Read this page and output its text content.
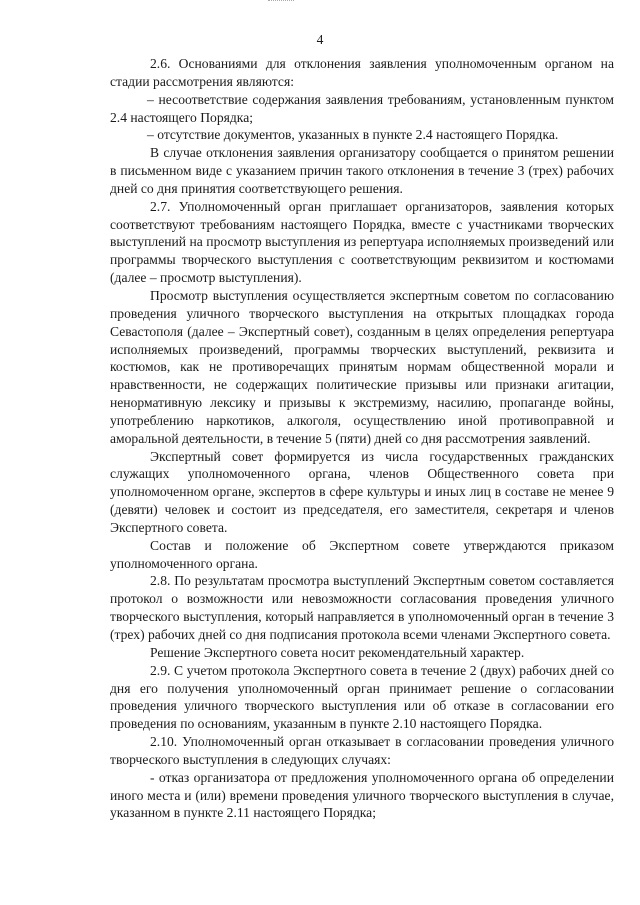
4

2.6. Основаниями для отклонения заявления уполномоченным органом на стадии рассмотрения являются:

– несоответствие содержания заявления требованиям, установленным пунктом 2.4 настоящего Порядка;

– отсутствие документов, указанных в пункте 2.4 настоящего Порядка.

В случае отклонения заявления организатору сообщается о принятом решении в письменном виде с указанием причин такого отклонения в течение 3 (трех) рабочих дней со дня принятия соответствующего решения.

2.7. Уполномоченный орган приглашает организаторов, заявления которых соответствуют требованиям настоящего Порядка, вместе с участниками творческих выступлений на просмотр выступления из репертуара исполняемых произведений или программы творческого выступления с соответствующим реквизитом и костюмами (далее – просмотр выступления).

Просмотр выступления осуществляется экспертным советом по согласованию проведения уличного творческого выступления на открытых площадках города Севастополя (далее – Экспертный совет), созданным в целях определения репертуара исполняемых произведений, программы творческих выступлений, реквизита и костюмов, как не противоречащих принятым нормам общественной морали и нравственности, не содержащих политические призывы или признаки агитации, ненормативную лексику и призывы к экстремизму, насилию, пропаганде войны, употреблению наркотиков, алкоголя, осуществлению иной противоправной и аморальной деятельности, в течение 5 (пяти) дней со дня рассмотрения заявлений.

Экспертный совет формируется из числа государственных гражданских служащих уполномоченного органа, членов Общественного совета при уполномоченном органе, экспертов в сфере культуры и иных лиц в составе не менее 9 (девяти) человек и состоит из председателя, его заместителя, секретаря и членов Экспертного совета.

Состав и положение об Экспертном совете утверждаются приказом уполномоченного органа.

2.8. По результатам просмотра выступлений Экспертным советом составляется протокол о возможности или невозможности согласования проведения уличного творческого выступления, который направляется в уполномоченный орган в течение 3 (трех) рабочих дней со дня подписания протокола всеми членами Экспертного совета.

Решение Экспертного совета носит рекомендательный характер.

2.9. С учетом протокола Экспертного совета в течение 2 (двух) рабочих дней со дня его получения уполномоченный орган принимает решение о согласовании проведения уличного творческого выступления или об отказе в согласовании его проведения по основаниям, указанным в пункте 2.10 настоящего Порядка.

2.10. Уполномоченный орган отказывает в согласовании проведения уличного творческого выступления в следующих случаях:

- отказ организатора от предложения уполномоченного органа об определении иного места и (или) времени проведения уличного творческого выступления в случае, указанном в пункте 2.11 настоящего Порядка;
